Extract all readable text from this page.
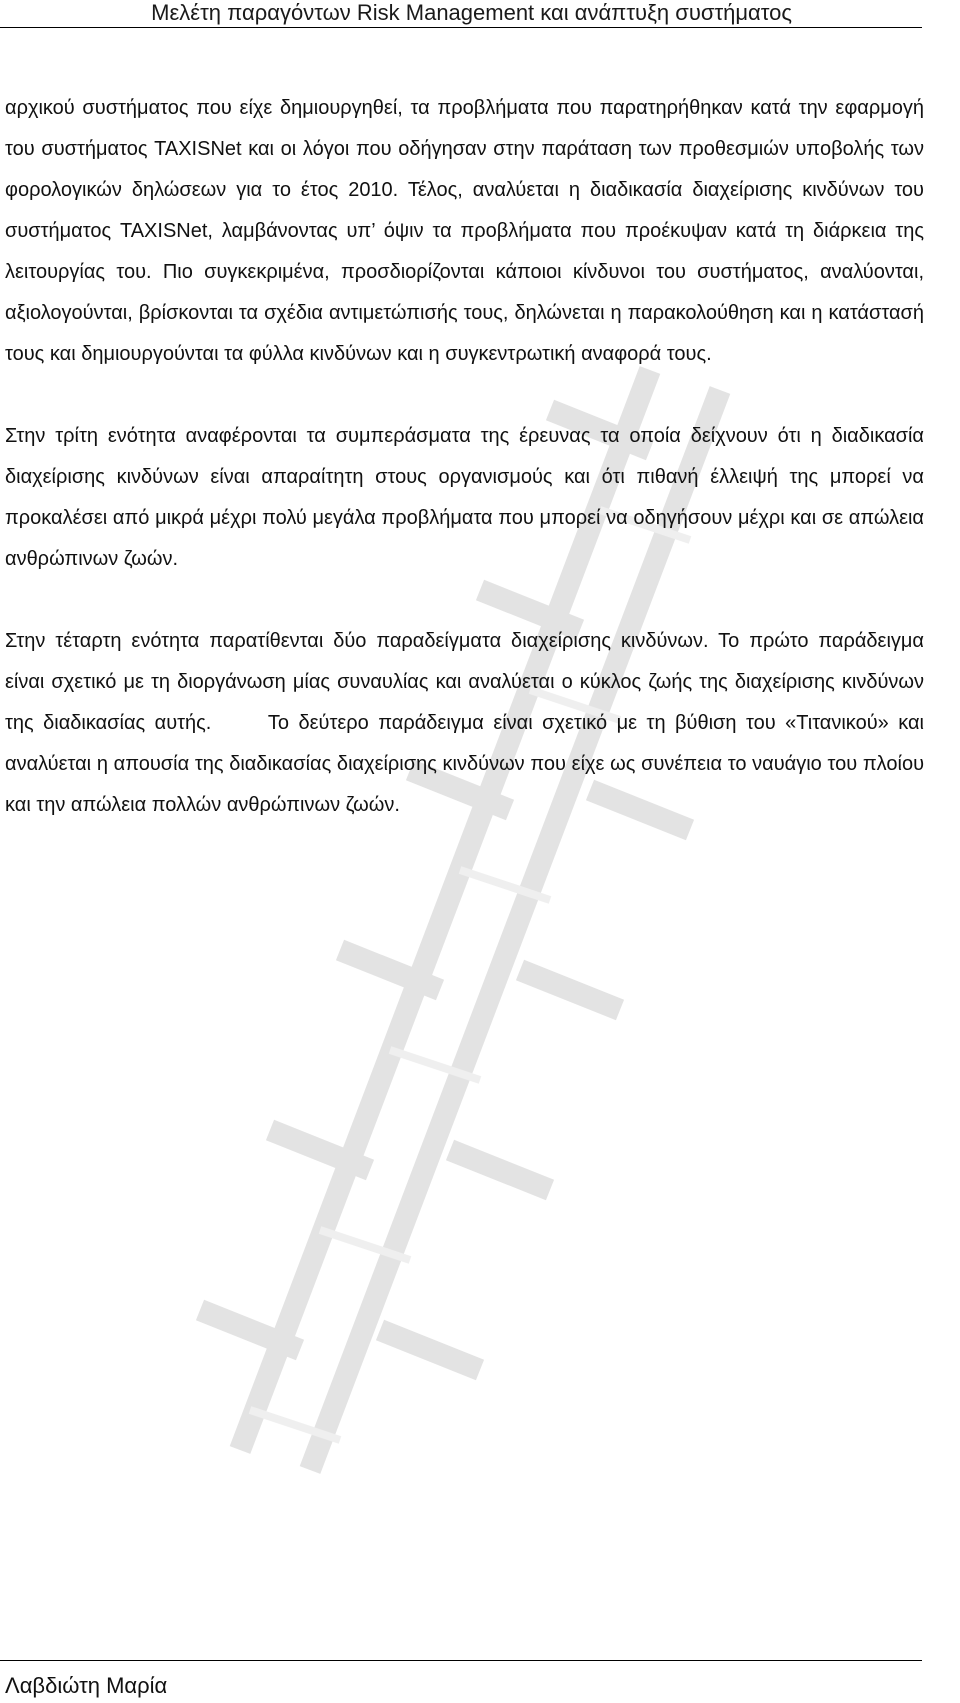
Μελέτη παραγόντων Risk Management και ανάπτυξη συστήματος

αρχικού συστήματος που είχε δημιουργηθεί, τα προβλήματα που παρατηρήθηκαν κατά την εφαρμογή του συστήματος TAXISNet και οι λόγοι που οδήγησαν στην παράταση των προθεσμιών υποβολής των φορολογικών δηλώσεων για το έτος 2010. Τέλος, αναλύεται η διαδικασία διαχείρισης κινδύνων του συστήματος TAXISNet, λαμβάνοντας υπ’ όψιν τα προβλήματα που προέκυψαν κατά τη διάρκεια της λειτουργίας του. Πιο συγκεκριμένα, προσδιορίζονται κάποιοι κίνδυνοι του συστήματος, αναλύονται, αξιολογούνται, βρίσκονται τα σχέδια αντιμετώπισής τους, δηλώνεται η παρακολούθηση και η κατάστασή τους και δημιουργούνται τα φύλλα κινδύνων και η συγκεντρωτική αναφορά τους.

Στην τρίτη ενότητα αναφέρονται τα συμπεράσματα της έρευνας τα οποία δείχνουν ότι η διαδικασία διαχείρισης κινδύνων είναι απαραίτητη στους οργανισμούς και ότι πιθανή έλλειψή της μπορεί να προκαλέσει από μικρά μέχρι πολύ μεγάλα προβλήματα που μπορεί να οδηγήσουν μέχρι και σε απώλεια ανθρώπινων ζωών.

Στην τέταρτη ενότητα παρατίθενται δύο παραδείγματα διαχείρισης κινδύνων. Το πρώτο παράδειγμα είναι σχετικό με τη διοργάνωση μίας συναυλίας και αναλύεται ο κύκλος ζωής της διαχείρισης κινδύνων της διαδικασίας αυτής.      Το δεύτερο παράδειγμα είναι σχετικό με τη βύθιση του «Τιτανικού» και αναλύεται η απουσία της διαδικασίας διαχείρισης κινδύνων που είχε ως συνέπεια το ναυάγιο του πλοίου και την απώλεια πολλών ανθρώπινων ζωών.

Λαβδιώτη Μαρία
